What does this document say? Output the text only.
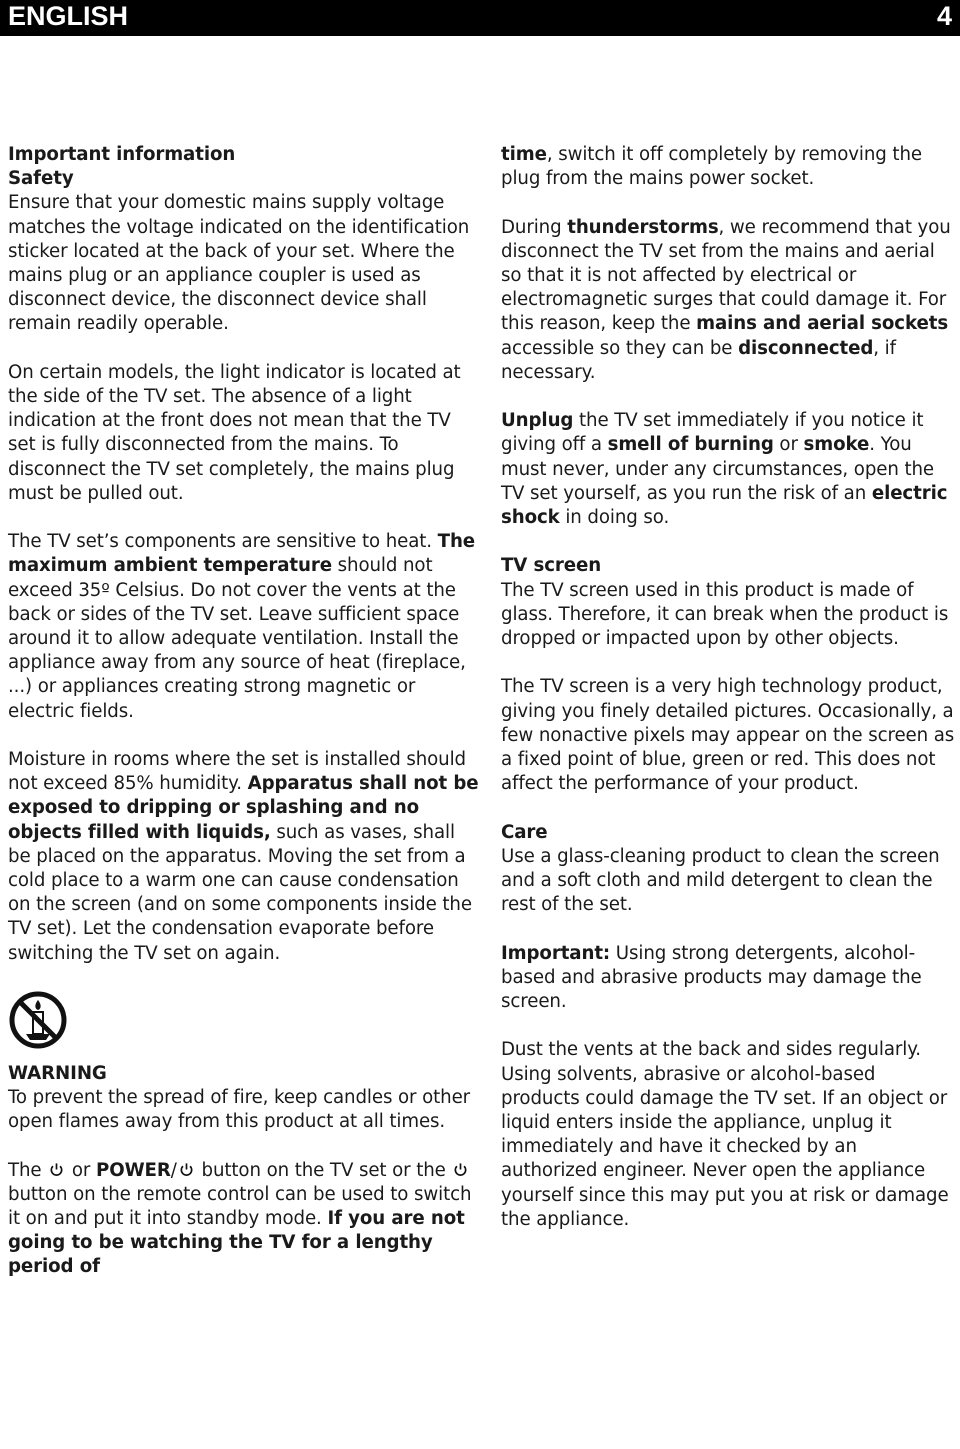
ENGLISH	4

Important information

Safety

Ensure that your domestic mains supply voltage matches the voltage indicated on the identification sticker located at the back of your set. Where the mains plug or an appliance coupler is used as disconnect device, the disconnect device shall remain readily operable.

On certain models, the light indicator is located at the side of the TV set. The absence of a light indication at the front does not mean that the TV set is fully disconnected from the mains. To disconnect the TV set completely, the mains plug must be pulled out.

The TV set’s components are sensitive to heat. The maximum ambient temperature should not exceed 35º Celsius. Do not cover the vents at the back or sides of the TV set. Leave sufficient space around it to allow adequate ventilation. Install the appliance away from any source of heat (fireplace, ...) or appliances creating strong magnetic or electric fields.

Moisture in rooms where the set is installed should not exceed 85% humidity. Apparatus shall not be exposed to dripping or splashing and no objects filled with liquids, such as vases, shall be placed on the apparatus. Moving the set from a cold place to a warm one can cause condensation on the screen (and on some components inside the TV set). Let the condensation evaporate before switching the TV set on again.

WARNING

To prevent the spread of fire, keep candles or other open flames away from this product at all times.

The  or POWER/ button on the TV set or the  button on the remote control can be used to switch it on and put it into standby mode. If you are not going to be watching the TV for a lengthy period of

time, switch it off completely by removing the plug from the mains power socket.

During thunderstorms, we recommend that you disconnect the TV set from the mains and aerial so that it is not affected by electrical or electromagnetic surges that could damage it. For this reason, keep the mains and aerial sockets accessible so they can be disconnected, if necessary.

Unplug the TV set immediately if you notice it giving off a smell of burning or smoke. You must never, under any circumstances, open the TV set yourself, as you run the risk of an electric shock in doing so.

TV screen

The TV screen used in this product is made of glass. Therefore, it can break when the product is dropped or impacted upon by other objects.

The TV screen is a very high technology product, giving you finely detailed pictures. Occasionally, a few nonactive pixels may appear on the screen as a fixed point of blue, green or red. This does not affect the performance of your product.

Care

Use a glass-cleaning product to clean the screen and a soft cloth and mild detergent to clean the rest of the set.

Important: Using strong detergents, alcohol-based and abrasive products may damage the screen.

Dust the vents at the back and sides regularly. Using solvents, abrasive or alcohol-based products could damage the TV set. If an object or liquid enters inside the appliance, unplug it immediately and have it checked by an authorized engineer. Never open the appliance yourself since this may put you at risk or damage the appliance.
